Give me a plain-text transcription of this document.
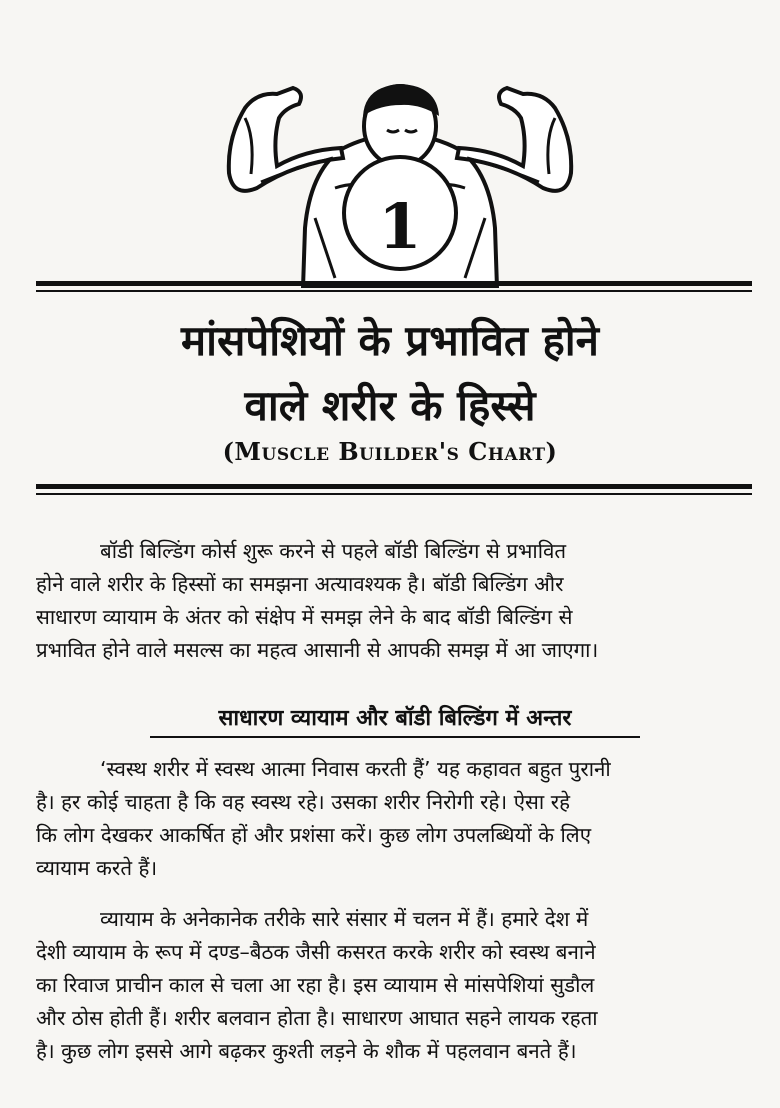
1
मांसपेशियों के प्रभावित होने
वाले शरीर के हिस्से
(Muscle Builder's Chart)
बॉडी बिल्डिंग कोर्स शुरू करने से पहले बॉडी बिल्डिंग से प्रभावित
होने वाले शरीर के हिस्सों का समझना अत्यावश्यक है। बॉडी बिल्डिंग और
साधारण व्यायाम के अंतर को संक्षेप में समझ लेने के बाद बॉडी बिल्डिंग से
प्रभावित होने वाले मसल्स का महत्व आसानी से आपकी समझ में आ जाएगा।
साधारण व्यायाम और बॉडी बिल्डिंग में अन्तर
‘स्वस्थ शरीर में स्वस्थ आत्मा निवास करती हैं’ यह कहावत बहुत पुरानी
है। हर कोई चाहता है कि वह स्वस्थ रहे। उसका शरीर निरोगी रहे। ऐसा रहे
कि लोग देखकर आकर्षित हों और प्रशंसा करें। कुछ लोग उपलब्धियों के लिए
व्यायाम करते हैं।
व्यायाम के अनेकानेक तरीके सारे संसार में चलन में हैं। हमारे देश में
देशी व्यायाम के रूप में दण्ड–बैठक जैसी कसरत करके शरीर को स्वस्थ बनाने
का रिवाज प्राचीन काल से चला आ रहा है। इस व्यायाम से मांसपेशियां सुडौल
और ठोस होती हैं। शरीर बलवान होता है। साधारण आघात सहने लायक रहता
है। कुछ लोग इससे आगे बढ़कर कुश्ती लड़ने के शौक में पहलवान बनते हैं।
